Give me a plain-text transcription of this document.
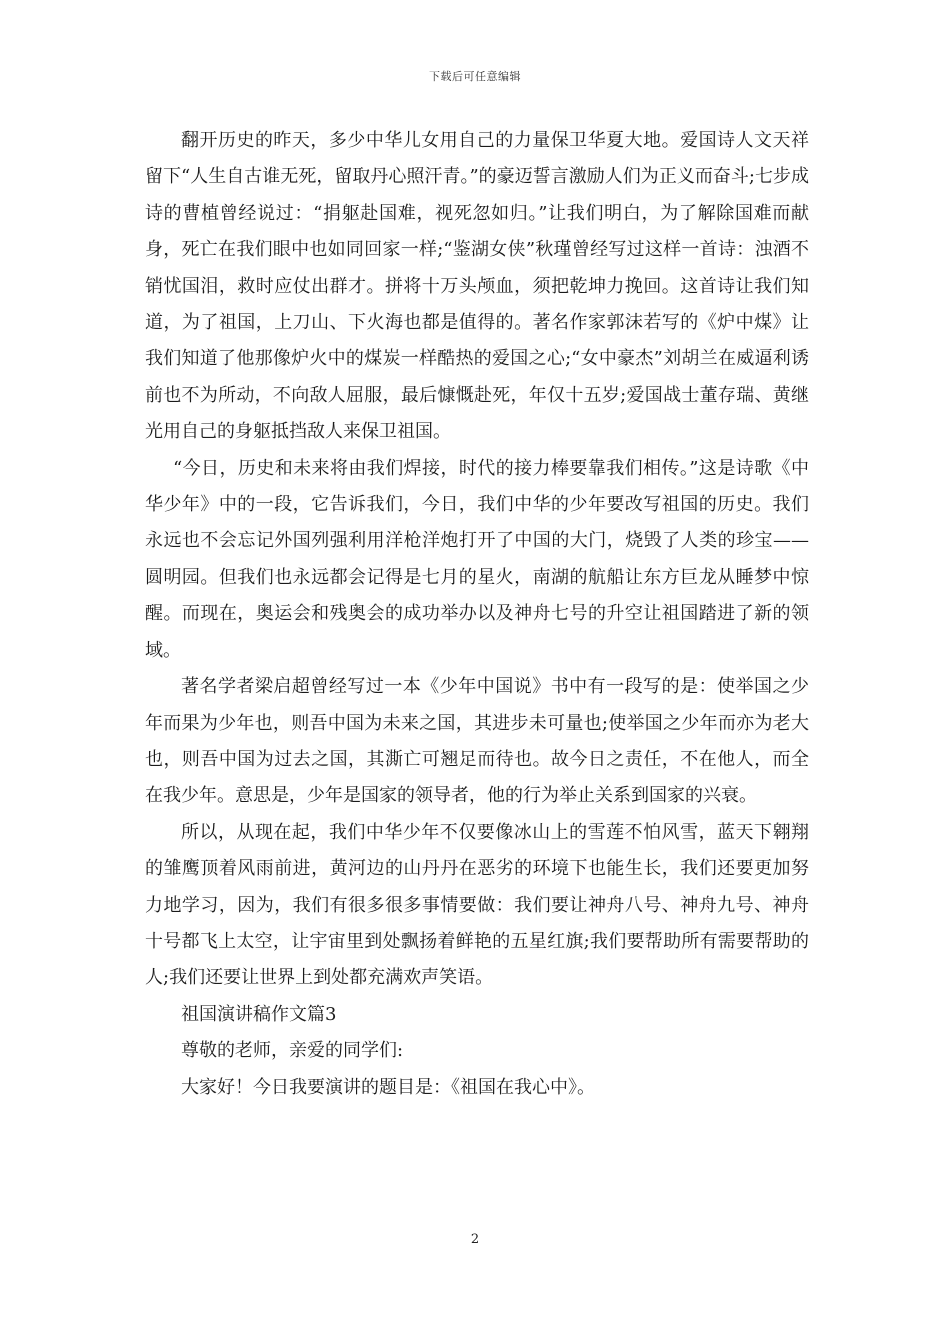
下载后可任意编辑

翻开历史的昨天，多少中华儿女用自己的力量保卫华夏大地。爱国诗人文天祥留下“人生自古谁无死，留取丹心照汗青。”的豪迈誓言激励人们为正义而奋斗;七步成诗的曹植曾经说过：“捐躯赴国难，视死忽如归。”让我们明白，为了解除国难而献身，死亡在我们眼中也如同回家一样;“鉴湖女侠”秋瑾曾经写过这样一首诗：浊酒不销忧国泪，救时应仗出群才。拼将十万头颅血，须把乾坤力挽回。这首诗让我们知道，为了祖国，上刀山、下火海也都是值得的。著名作家郭沫若写的《炉中煤》让我们知道了他那像炉火中的煤炭一样酷热的爱国之心;“女中豪杰”刘胡兰在威逼利诱前也不为所动，不向敌人屈服，最后慷慨赴死，年仅十五岁;爱国战士董存瑞、黄继光用自己的身躯抵挡敌人来保卫祖国。

“今日，历史和未来将由我们焊接，时代的接力棒要靠我们相传。”这是诗歌《中华少年》中的一段，它告诉我们，今日，我们中华的少年要改写祖国的历史。我们永远也不会忘记外国列强利用洋枪洋炮打开了中国的大门，烧毁了人类的珍宝——圆明园。但我们也永远都会记得是七月的星火，南湖的航船让东方巨龙从睡梦中惊醒。而现在，奥运会和残奥会的成功举办以及神舟七号的升空让祖国踏进了新的领域。

著名学者梁启超曾经写过一本《少年中国说》书中有一段写的是：使举国之少年而果为少年也，则吾中国为未来之国，其进步未可量也;使举国之少年而亦为老大也，则吾中国为过去之国，其澌亡可翘足而待也。故今日之责任，不在他人，而全在我少年。意思是，少年是国家的领导者，他的行为举止关系到国家的兴衰。

所以，从现在起，我们中华少年不仅要像冰山上的雪莲不怕风雪，蓝天下翱翔的雏鹰顶着风雨前进，黄河边的山丹丹在恶劣的环境下也能生长，我们还要更加努力地学习，因为，我们有很多很多事情要做：我们要让神舟八号、神舟九号、神舟十号都飞上太空，让宇宙里到处飘扬着鲜艳的五星红旗;我们要帮助所有需要帮助的人;我们还要让世界上到处都充满欢声笑语。

祖国演讲稿作文篇3

尊敬的老师，亲爱的同学们:

大家好！今日我要演讲的题目是：《祖国在我心中》。

2
